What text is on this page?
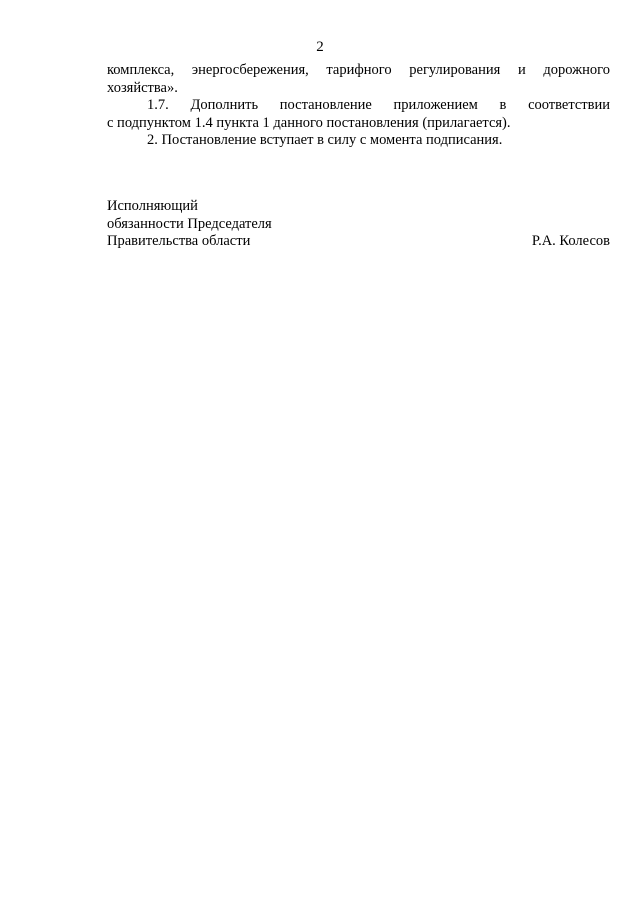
2

комплекса, энергосбережения, тарифного регулирования и дорожного

хозяйства».

1.7. Дополнить постановление приложением в соответствии

с подпунктом 1.4 пункта 1 данного постановления (прилагается).

2. Постановление вступает в силу с момента подписания.

Исполняющий
обязанности Председателя
Правительства области	Р.А. Колесов
